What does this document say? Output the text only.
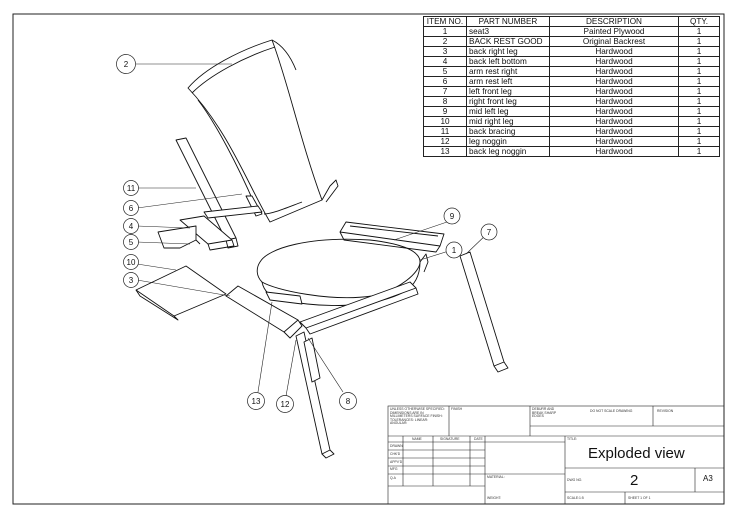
2
11
6
4
5
10
3
9
1
7
8
12
13
ITEM NO.	PART NUMBER	DESCRIPTION	QTY.
1	seat3	Painted Plywood	1
2	BACK REST GOOD	Original Backrest	1
3	back right leg	Hardwood	1
4	back left bottom	Hardwood	1
5	arm rest right	Hardwood	1
6	arm rest left	Hardwood	1
7	left front leg	Hardwood	1
8	right front leg	Hardwood	1
9	mid left leg	Hardwood	1
10	mid right leg	Hardwood	1
11	back bracing	Hardwood	1
12	leg noggin	Hardwood	1
13	back leg noggin	Hardwood	1
UNLESS OTHERWISE SPECIFIED: DIMENSIONS ARE IN MILLIMETERS SURFACE FINISH: TOLERANCES: LINEAR: ANGULAR:
FINISH	DEBURR AND BREAK SHARP EDGES
DO NOT SCALE DRAWING	REVISION
NAME	SIGNATURE	DATE
DRAWN
CHK'D
APPV'D
MFG
Q.A	MATERIAL:
WEIGHT:
TITLE:
Exploded view
DWG NO.	2	A3
SCALE:1:5	SHEET 1 OF 1
